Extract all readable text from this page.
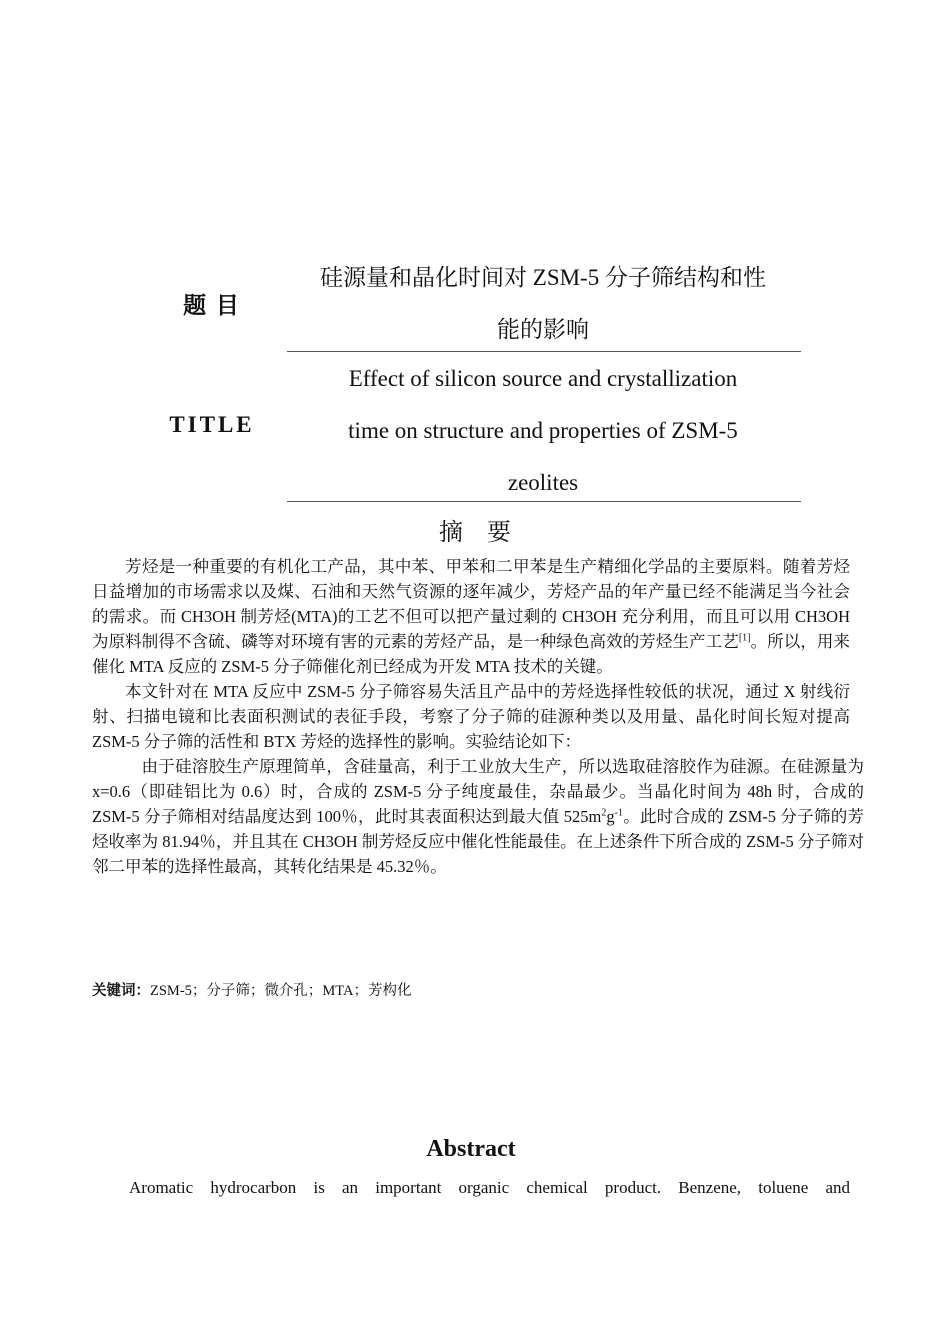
题 目
硅源量和晶化时间对 ZSM-5 分子筛结构和性
能的影响
TITLE
Effect of silicon source and crystallization
time on structure and properties of ZSM-5
zeolites
摘　要

芳烃是一种重要的有机化工产品，其中苯、甲苯和二甲苯是生产精细化学品的主要原料。随着芳烃日益增加的市场需求以及煤、石油和天然气资源的逐年减少，芳烃产品的年产量已经不能满足当今社会的需求。而 CH3OH 制芳烃(MTA)的工艺不但可以把产量过剩的 CH3OH 充分利用，而且可以用 CH3OH 为原料制得不含硫、磷等对环境有害的元素的芳烃产品，是一种绿色高效的芳烃生产工艺[1]。所以，用来催化 MTA 反应的 ZSM-5 分子筛催化剂已经成为开发 MTA 技术的关键。

本文针对在 MTA 反应中 ZSM-5 分子筛容易失活且产品中的芳烃选择性较低的状况，通过 X 射线衍射、扫描电镜和比表面积测试的表征手段，考察了分子筛的硅源种类以及用量、晶化时间长短对提高 ZSM-5 分子筛的活性和 BTX 芳烃的选择性的影响。实验结论如下：

由于硅溶胶生产原理简单，含硅量高，利于工业放大生产，所以选取硅溶胶作为硅源。在硅源量为 x=0.6（即硅铝比为 0.6）时，合成的 ZSM-5 分子纯度最佳，杂晶最少。当晶化时间为 48h 时，合成的 ZSM-5 分子筛相对结晶度达到 100％，此时其表面积达到最大值 $525m^2g^{-1}$。此时合成的 ZSM-5 分子筛的芳烃收率为 81.94％，并且其在 CH3OH 制芳烃反应中催化性能最佳。在上述条件下所合成的 ZSM-5 分子筛对邻二甲苯的选择性最高，其转化结果是 45.32％。

关键词：ZSM-5；分子筛；微介孔；MTA；芳构化
Abstract
Aromatic hydrocarbon is an important organic chemical product. Benzene, toluene and
